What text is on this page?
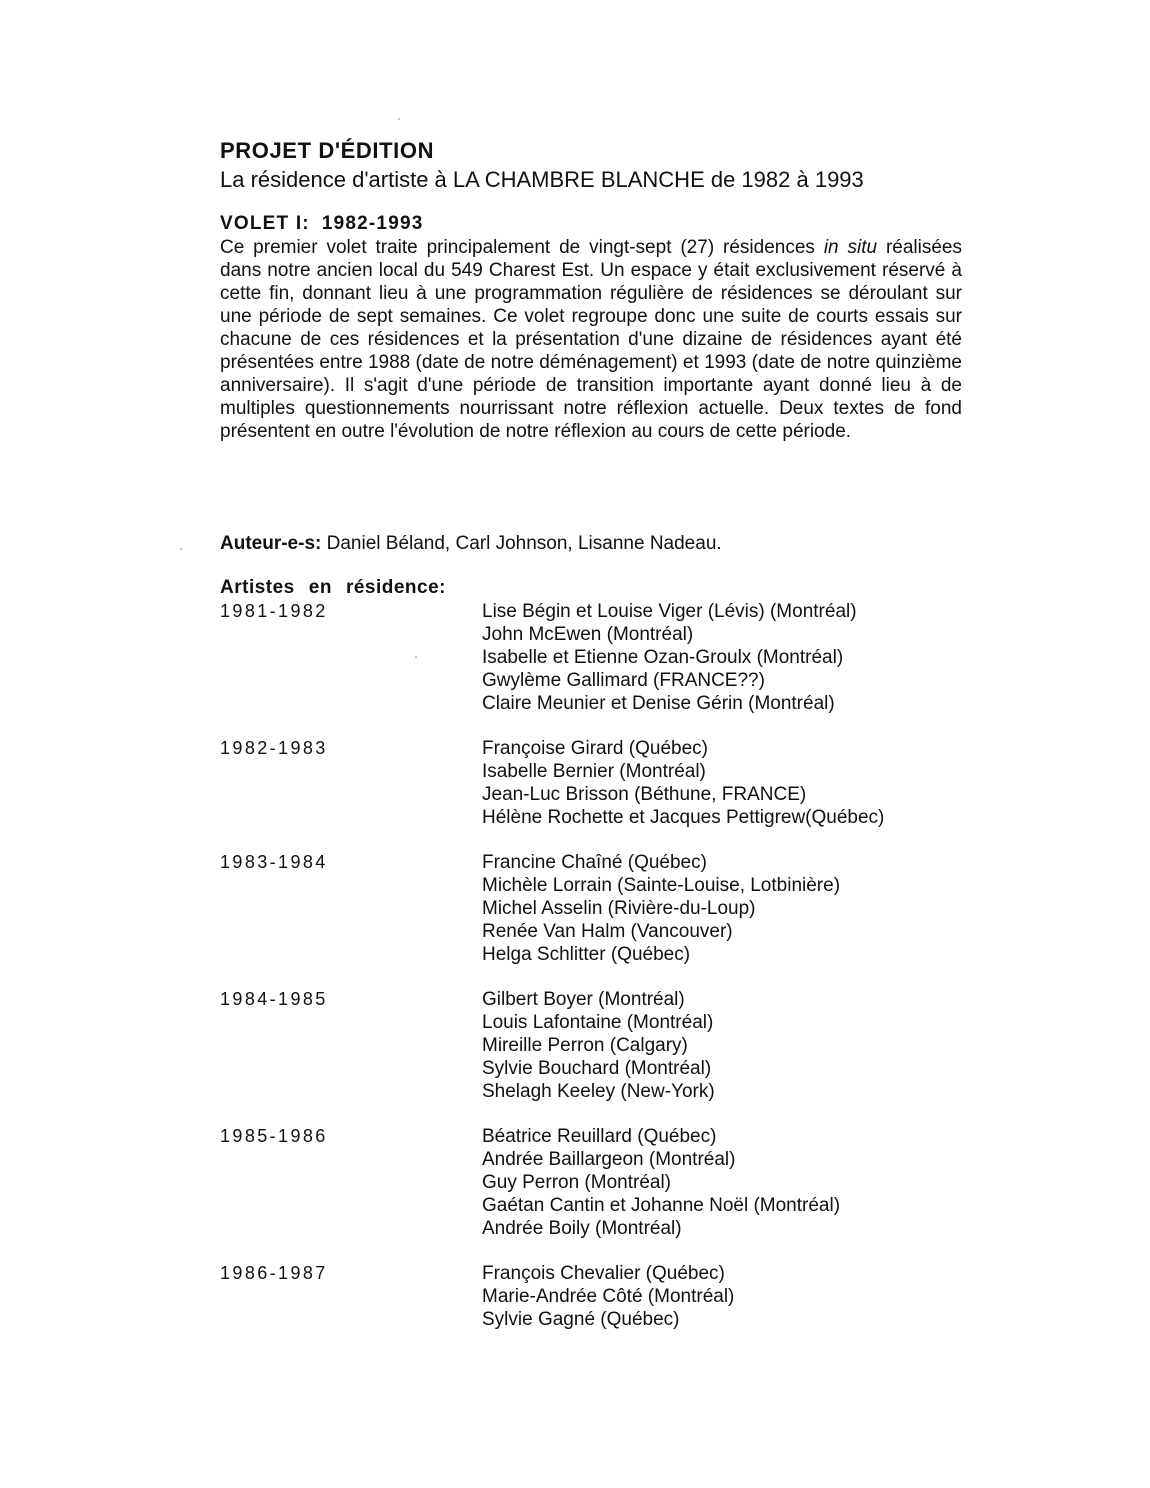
PROJET D'ÉDITION

La résidence d'artiste à LA CHAMBRE BLANCHE de 1982 à 1993

VOLET I: 1982-1993

Ce premier volet traite principalement de vingt-sept (27) résidences in situ réalisées dans notre ancien local du 549 Charest Est. Un espace y était exclusivement réservé à cette fin, donnant lieu à une programmation régulière de résidences se déroulant sur une période de sept semaines. Ce volet regroupe donc une suite de courts essais sur chacune de ces résidences et la présentation d'une dizaine de résidences ayant été présentées entre 1988 (date de notre déménagement) et 1993 (date de notre quinzième anniversaire). Il s'agit d'une période de transition importante ayant donné lieu à de multiples questionnements nourrissant notre réflexion actuelle. Deux textes de fond présentent en outre l'évolution de notre réflexion au cours de cette période.

Auteur-e-s: Daniel Béland, Carl Johnson, Lisanne Nadeau.

Artistes en résidence:

1981-1982	Lise Bégin et Louise Viger (Lévis) (Montréal)
John McEwen (Montréal)
Isabelle et Etienne Ozan-Groulx (Montréal)
Gwylème Gallimard (FRANCE??)
Claire Meunier et Denise Gérin (Montréal)
1982-1983	Françoise Girard (Québec)
Isabelle Bernier (Montréal)
Jean-Luc Brisson (Béthune, FRANCE)
Hélène Rochette et Jacques Pettigrew(Québec)
1983-1984	Francine Chaîné (Québec)
Michèle Lorrain (Sainte-Louise, Lotbinière)
Michel Asselin (Rivière-du-Loup)
Renée Van Halm (Vancouver)
Helga Schlitter (Québec)
1984-1985	Gilbert Boyer (Montréal)
Louis Lafontaine (Montréal)
Mireille Perron (Calgary)
Sylvie Bouchard (Montréal)
Shelagh Keeley (New-York)
1985-1986	Béatrice Reuillard (Québec)
Andrée Baillargeon (Montréal)
Guy Perron (Montréal)
Gaétan Cantin et Johanne Noël (Montréal)
Andrée Boily (Montréal)
1986-1987	François Chevalier (Québec)
Marie-Andrée Côté (Montréal)
Sylvie Gagné (Québec)
